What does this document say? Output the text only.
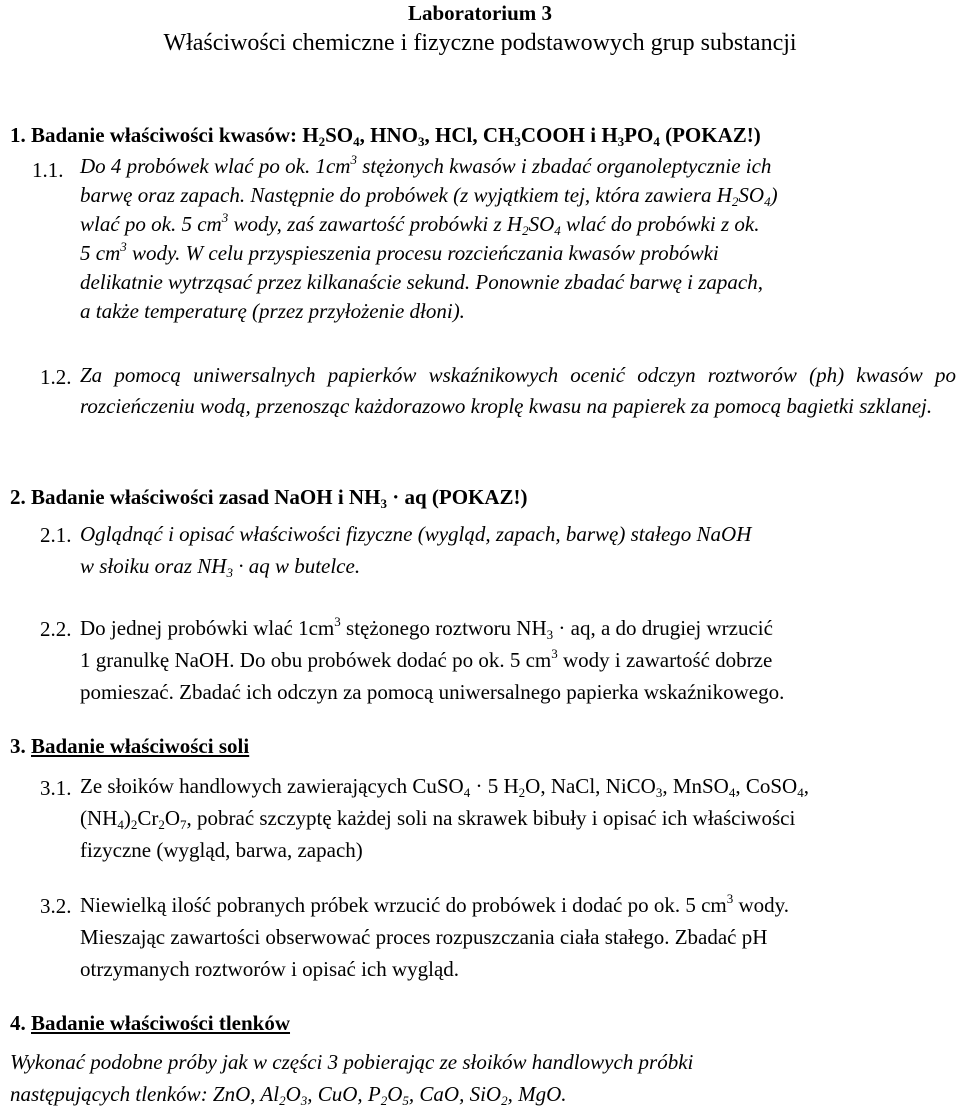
Laboratorium 3
Właściwości chemiczne i fizyczne podstawowych grup substancji
1. Badanie właściwości kwasów: $H_2SO_4$, $HNO_3$, HCl, $CH_3COOH$ i $H_3PO_4$ (POKAZ!)
1.1. Do 4 probówek wlać po ok. $1cm^3$ stężonych kwasów i zbadać organoleptycznie ich
barwę oraz zapach. Następnie do probówek (z wyjątkiem tej, która zawiera $H_2SO_4$)
wlać po ok. 5 $cm^3$ wody, zaś zawartość probówki z $H_2SO_4$ wlać do probówki z ok.
5 $cm^3$ wody. W celu przyspieszenia procesu rozcieńczania kwasów probówki
delikatnie wytrząsać przez kilkanaście sekund. Ponownie zbadać barwę i zapach,
a także temperaturę (przez przyłożenie dłoni).
1.2. Za pomocą uniwersalnych papierków wskaźnikowych ocenić odczyn roztworów (ph) kwasów po rozcieńczeniu wodą, przenosząc każdorazowo kroplę kwasu na papierek za pomocą bagietki szklanej.
2. Badanie właściwości zasad NaOH i $NH_3$ · aq (POKAZ!)
2.1. Oglądnąć i opisać właściwości fizyczne (wygląd, zapach, barwę) stałego NaOH
w słoiku oraz $NH_3$ · aq w butelce.
2.2. Do jednej probówki wlać $1cm^3$ stężonego roztworu $NH_3$ · aq, a do drugiej wrzucić
1 granulkę NaOH. Do obu probówek dodać po ok. 5 $cm^3$ wody i zawartość dobrze
pomieszać. Zbadać ich odczyn za pomocą uniwersalnego papierka wskaźnikowego.
3. Badanie właściwości soli
3.1. Ze słoików handlowych zawierających CuSO$_4$ · 5 $H_2O$, NaCl, NiCO$_3$, MnSO$_4$, CoSO$_4$,
$(NH_4)_2Cr_2O_7$, pobrać szczyptę każdej soli na skrawek bibuły i opisać ich właściwości
fizyczne (wygląd, barwa, zapach)
3.2. Niewielką ilość pobranych próbek wrzucić do probówek i dodać po ok. 5 $cm^3$ wody.
Mieszając zawartości obserwować proces rozpuszczania ciała stałego. Zbadać pH
otrzymanych roztworów i opisać ich wygląd.
4. Badanie właściwości tlenków
Wykonać podobne próby jak w części 3 pobierając ze słoików handlowych próbki
następujących tlenków: ZnO, $Al_2O_3$, CuO, $P_2O_5$, CaO, SiO$_2$, MgO.
